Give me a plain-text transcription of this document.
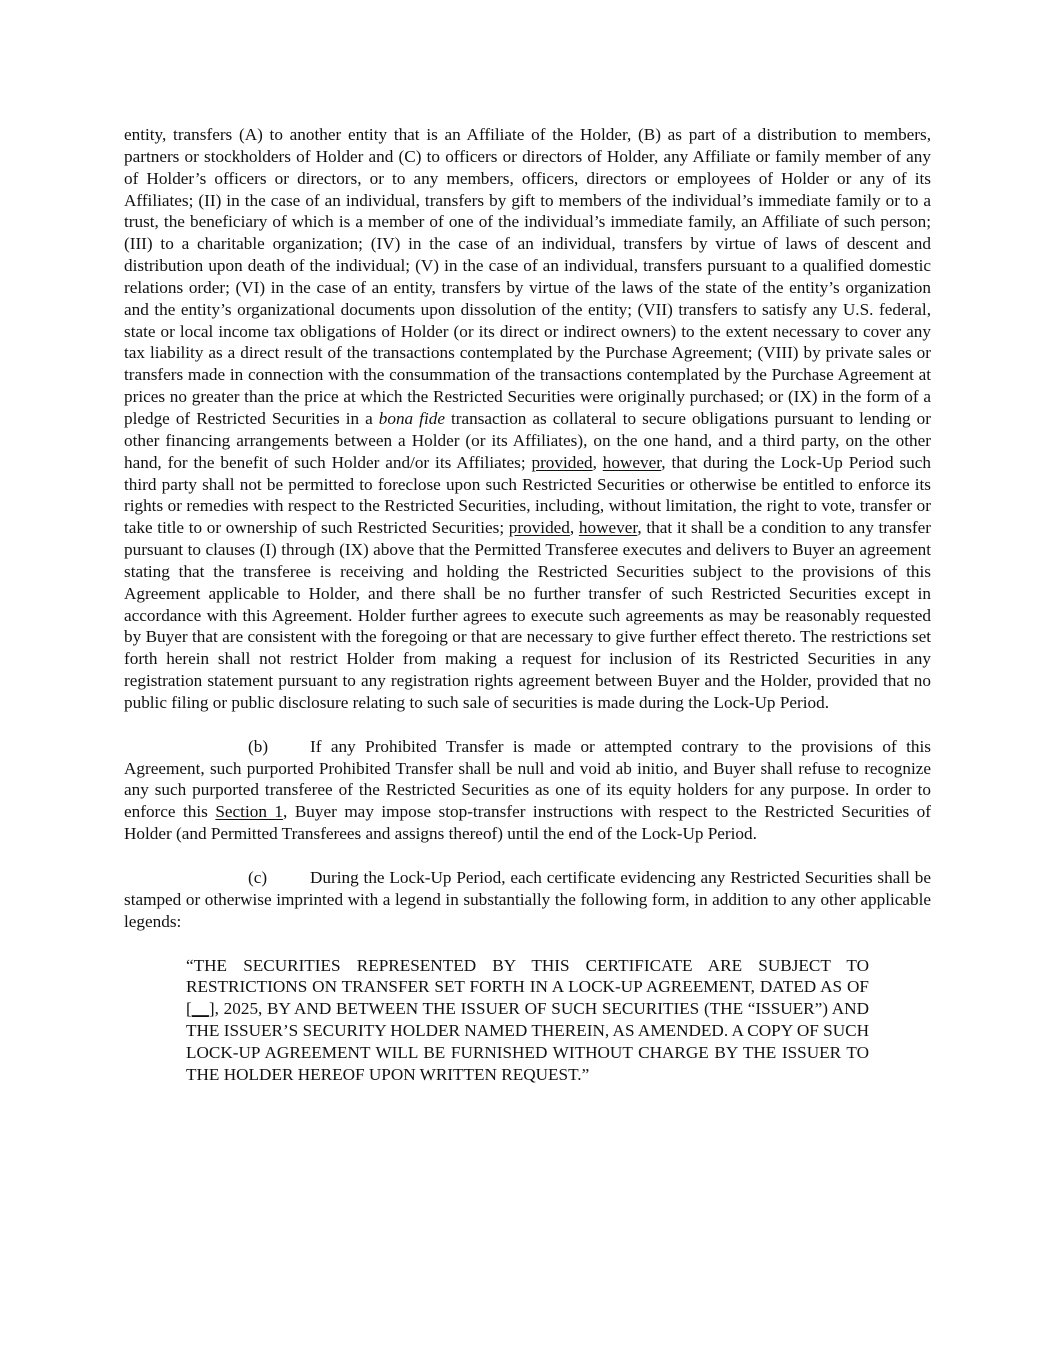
entity, transfers (A) to another entity that is an Affiliate of the Holder, (B) as part of a distribution to members, partners or stockholders of Holder and (C) to officers or directors of Holder, any Affiliate or family member of any of Holder’s officers or directors, or to any members, officers, directors or employees of Holder or any of its Affiliates; (II) in the case of an individual, transfers by gift to members of the individual’s immediate family or to a trust, the beneficiary of which is a member of one of the individual’s immediate family, an Affiliate of such person; (III) to a charitable organization; (IV) in the case of an individual, transfers by virtue of laws of descent and distribution upon death of the individual; (V) in the case of an individual, transfers pursuant to a qualified domestic relations order; (VI) in the case of an entity, transfers by virtue of the laws of the state of the entity’s organization and the entity’s organizational documents upon dissolution of the entity; (VII) transfers to satisfy any U.S. federal, state or local income tax obligations of Holder (or its direct or indirect owners) to the extent necessary to cover any tax liability as a direct result of the transactions contemplated by the Purchase Agreement; (VIII) by private sales or transfers made in connection with the consummation of the transactions contemplated by the Purchase Agreement at prices no greater than the price at which the Restricted Securities were originally purchased; or (IX) in the form of a pledge of Restricted Securities in a bona fide transaction as collateral to secure obligations pursuant to lending or other financing arrangements between a Holder (or its Affiliates), on the one hand, and a third party, on the other hand, for the benefit of such Holder and/or its Affiliates; provided, however, that during the Lock-Up Period such third party shall not be permitted to foreclose upon such Restricted Securities or otherwise be entitled to enforce its rights or remedies with respect to the Restricted Securities, including, without limitation, the right to vote, transfer or take title to or ownership of such Restricted Securities; provided, however, that it shall be a condition to any transfer pursuant to clauses (I) through (IX) above that the Permitted Transferee executes and delivers to Buyer an agreement stating that the transferee is receiving and holding the Restricted Securities subject to the provisions of this Agreement applicable to Holder, and there shall be no further transfer of such Restricted Securities except in accordance with this Agreement. Holder further agrees to execute such agreements as may be reasonably requested by Buyer that are consistent with the foregoing or that are necessary to give further effect thereto. The restrictions set forth herein shall not restrict Holder from making a request for inclusion of its Restricted Securities in any registration statement pursuant to any registration rights agreement between Buyer and the Holder, provided that no public filing or public disclosure relating to such sale of securities is made during the Lock-Up Period.

(b) If any Prohibited Transfer is made or attempted contrary to the provisions of this Agreement, such purported Prohibited Transfer shall be null and void ab initio, and Buyer shall refuse to recognize any such purported transferee of the Restricted Securities as one of its equity holders for any purpose. In order to enforce this Section 1, Buyer may impose stop-transfer instructions with respect to the Restricted Securities of Holder (and Permitted Transferees and assigns thereof) until the end of the Lock-Up Period.

(c) During the Lock-Up Period, each certificate evidencing any Restricted Securities shall be stamped or otherwise imprinted with a legend in substantially the following form, in addition to any other applicable legends:

“THE SECURITIES REPRESENTED BY THIS CERTIFICATE ARE SUBJECT TO RESTRICTIONS ON TRANSFER SET FORTH IN A LOCK-UP AGREEMENT, DATED AS OF [__], 2025, BY AND BETWEEN THE ISSUER OF SUCH SECURITIES (THE “ISSUER”) AND THE ISSUER’S SECURITY HOLDER NAMED THEREIN, AS AMENDED. A COPY OF SUCH LOCK-UP AGREEMENT WILL BE FURNISHED WITHOUT CHARGE BY THE ISSUER TO THE HOLDER HEREOF UPON WRITTEN REQUEST.”
